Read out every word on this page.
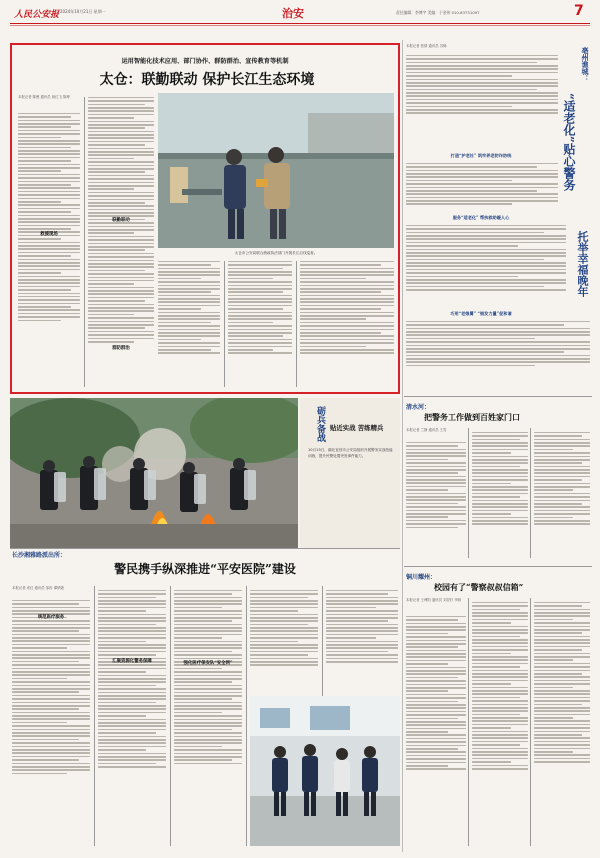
人民公安报 2024年10月21日 星期一	治安	责任编辑：李博宇 美编：于金伟 010-83731097	7
运用智能化技术应用、部门协作、群防群治、宣传教育等机制
太仓：联勤联动 保护长江生态环境
本报记者 陈俊 通讯员 薛红飞 陈博
救援现场
联勤联动
群防群治
太仓市公安局联合渔政执法部门开展长江沿线巡查。
本报记者 张倩 通讯员 苏畅
亳州谯城：
“适老化”贴心警务
托举幸福晚年
打造“护老社” 筑牢养老防诈防线
服务“适老化” 帮扶救助暖人心
巧用“老娘舅” “银发力量”促和谐
砺兵备战 贴近实战 苦练精兵
10月15日，湖北宜昌市公安局组织开展警务实战技能训练，提升民警处置突发事件能力。
清水河：
把警务工作做到百姓家门口
本报记者 兰静 通讯员 王雪
长沙湘雅路派出所：
警民携手纵深推进“平安医院”建设
本报记者 邓红 通讯员 邹冉 谭梦婕
规范医疗服务
汇聚资源化警务保障	强化医疗保安队“安全网”
铜川耀州：
校园有了“警察叔叔信箱”
本报记者 王博阳 通讯员 刘昱杉 李烁
